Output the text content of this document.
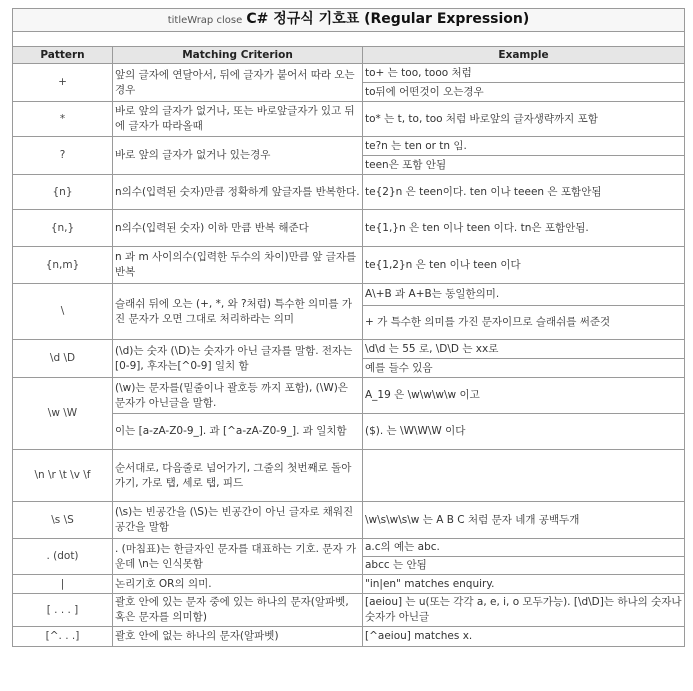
titleWrap close C# 정규식 기호표 (Regular Expression)		

Pattern	Matching Criterion	Example
+	앞의 글자에 연달아서, 뒤에 글자가 붙어서 따라 오는경우	to+ 는 too, tooo 처럼
		to뒤에 어떤것이 오는경우
*	바로 앞의 글자가 없거나, 또는 바로앞글자가 있고 뒤에 글자가 따라올때	to* 는 t, to, too 처럼 바로앞의 글자생략까지 포함
?	바로 앞의 글자가 없거나 있는경우	te?n 는 ten or tn 임.
		teen은 포함 안됨
{n}	n의수(입력된 숫자)만큼 정확하게 앞글자를 반복한다.	te{2}n 은 teen이다. ten 이나 teeen 은 포함안됨
{n,}	n의수(입력된 숫자) 이하 만큼 반복 해준다	te{1,}n 은 ten 이나 teen 이다. tn은 포함안됨.
{n,m}	n 과 m 사이의수(입력한 두수의 차이)만큼 앞 글자를 반복	te{1,2}n 은 ten 이나 teen 이다
\	슬래쉬 뒤에 오는 (+, *, 와 ?처럼) 특수한 의미를 가진 문자가 오면 그대로 처리하라는 의미	A\+B 과 A+B는 동일한의미.
		+ 가 특수한 의미를 가진 문자이므로 슬래쉬를 써준것
\d \D	(\d)는 숫자 (\D)는 숫자가 아닌 글자를 말함. 전자는[0-9], 후자는[^0-9] 일치 함	\d\d 는 55 로, \D\D 는 xx로
		예를 들수 있음
\w \W	(\w)는 문자를(밑줄이나 괄호등 까지 포함), (\W)은 문자가 아닌글을 말함.	A_19 은 \w\w\w\w 이고
	이는 [a-zA-Z0-9_]. 과 [^a-zA-Z0-9_]. 과 일치함	($). 는 \W\W\W 이다
\n \r \t \v \f	순서대로, 다음줄로 넘어가기, 그줄의 첫번째로 돌아가기, 가로 탭, 세로 탭, 피드	
\s \S	(\s)는 빈공간을 (\S)는 빈공간이 아닌 글자로 채워진 공간을 말함	\w\s\w\s\w 는 A B C 처럼 문자 네개 공백두개
. (dot)	. (마침표)는 한글자인 문자를 대표하는 기호. 문자 가운데 \n는 인식못함	a.c의 예는 abc.
		abcc 는 안됨
|	논리기호 OR의 의미.	"in|en" matches enquiry.
[ . . . ]	괄호 안에 있는 문자 중에 있는 하나의 문자(알파벳, 혹은 문자를 의미함)	[aeiou] 는 u(또는 각각 a, e, i, o 모두가능). [\d\D]는 하나의 숫자나 숫자가 아닌글
[^. . .]	괄호 안에 없는 하나의 문자(알파벳)	[^aeiou] matches x.
